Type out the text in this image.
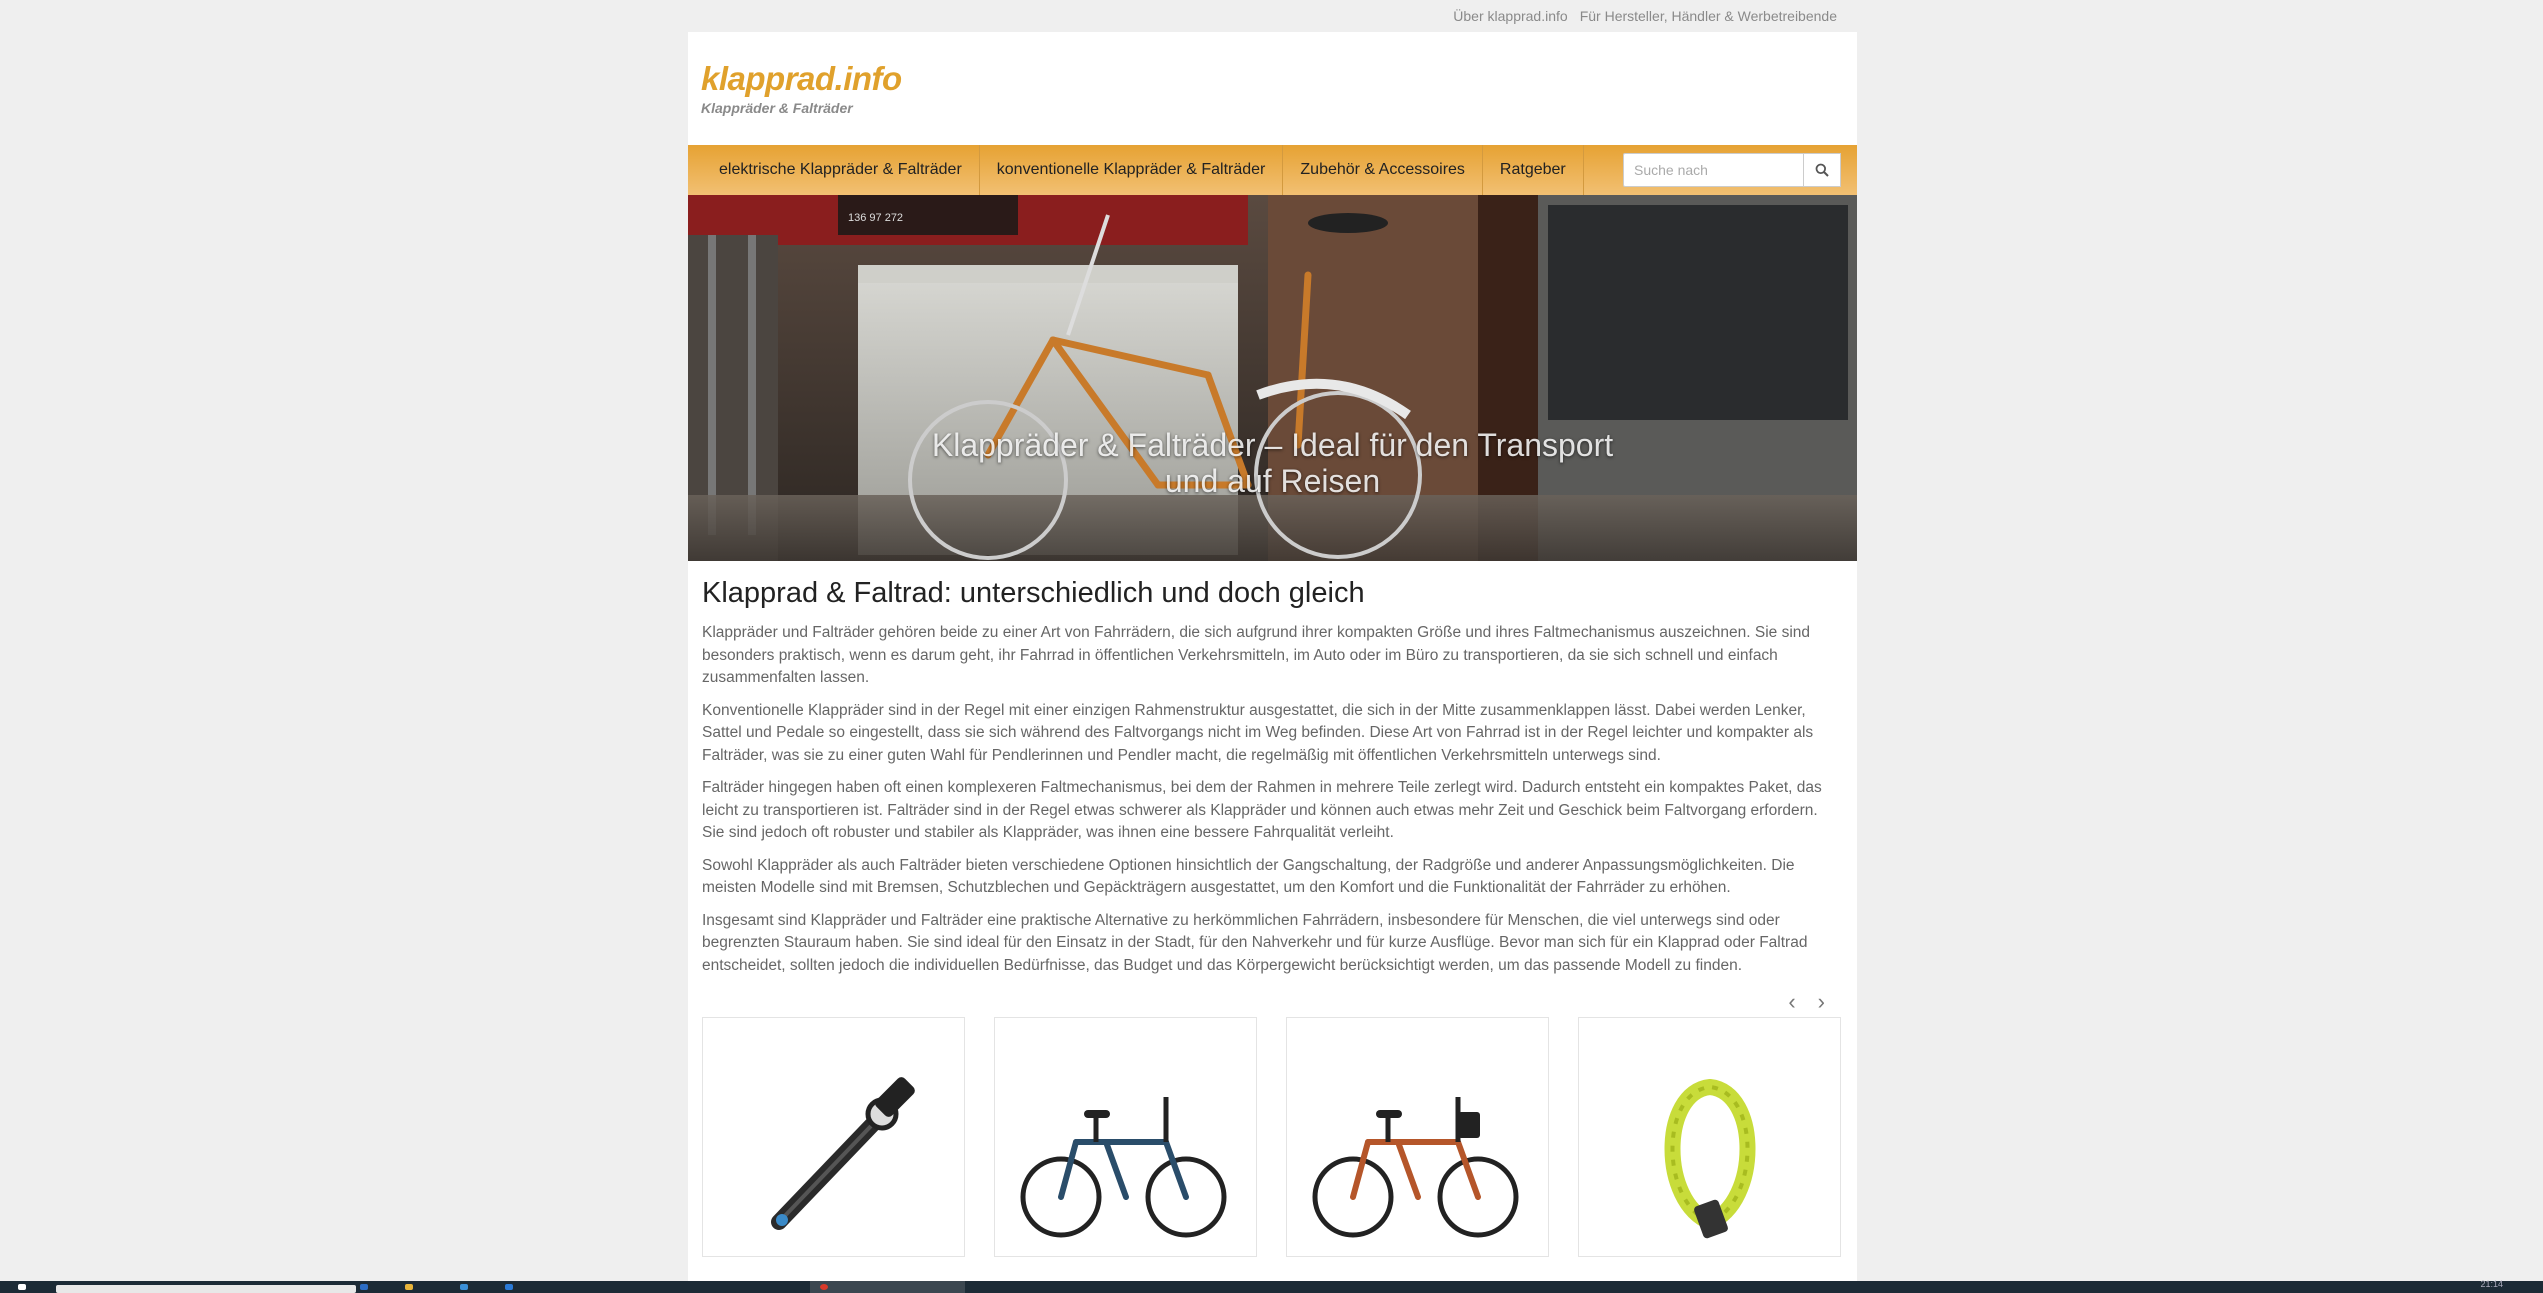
Über klapprad.info Für Hersteller, Händler & Werbetreibende
klapprad.info
Klappräder & Falträder
elektrische Klappräder & Falträder	konventionelle Klappräder & Falträder	Zubehör & Accessoires	Ratgeber
Suche nach
136 97 272
Klappräder & Falträder – Ideal für den Transport
und auf Reisen
Klapprad & Faltrad: unterschiedlich und doch gleich

Klappräder und Falträder gehören beide zu einer Art von Fahrrädern, die sich aufgrund ihrer kompakten Größe und ihres Faltmechanismus auszeichnen. Sie sind besonders praktisch, wenn es darum geht, ihr Fahrrad in öffentlichen Verkehrsmitteln, im Auto oder im Büro zu transportieren, da sie sich schnell und einfach zusammenfalten lassen.

Konventionelle Klappräder sind in der Regel mit einer einzigen Rahmenstruktur ausgestattet, die sich in der Mitte zusammenklappen lässt. Dabei werden Lenker, Sattel und Pedale so eingestellt, dass sie sich während des Faltvorgangs nicht im Weg befinden. Diese Art von Fahrrad ist in der Regel leichter und kompakter als Falträder, was sie zu einer guten Wahl für Pendlerinnen und Pendler macht, die regelmäßig mit öffentlichen Verkehrsmitteln unterwegs sind.

Falträder hingegen haben oft einen komplexeren Faltmechanismus, bei dem der Rahmen in mehrere Teile zerlegt wird. Dadurch entsteht ein kompaktes Paket, das leicht zu transportieren ist. Falträder sind in der Regel etwas schwerer als Klappräder und können auch etwas mehr Zeit und Geschick beim Faltvorgang erfordern. Sie sind jedoch oft robuster und stabiler als Klappräder, was ihnen eine bessere Fahrqualität verleiht.

Sowohl Klappräder als auch Falträder bieten verschiedene Optionen hinsichtlich der Gangschaltung, der Radgröße und anderer Anpassungsmöglichkeiten. Die meisten Modelle sind mit Bremsen, Schutzblechen und Gepäckträgern ausgestattet, um den Komfort und die Funktionalität der Fahrräder zu erhöhen.

Insgesamt sind Klappräder und Falträder eine praktische Alternative zu herkömmlichen Fahrrädern, insbesondere für Menschen, die viel unterwegs sind oder begrenzten Stauraum haben. Sie sind ideal für den Einsatz in der Stadt, für den Nahverkehr und für kurze Ausflüge. Bevor man sich für ein Klapprad oder Faltrad entscheidet, sollten jedoch die individuellen Bedürfnisse, das Budget und das Körpergewicht berücksichtigt werden, um das passende Modell zu finden.

‹ ›
21:14
